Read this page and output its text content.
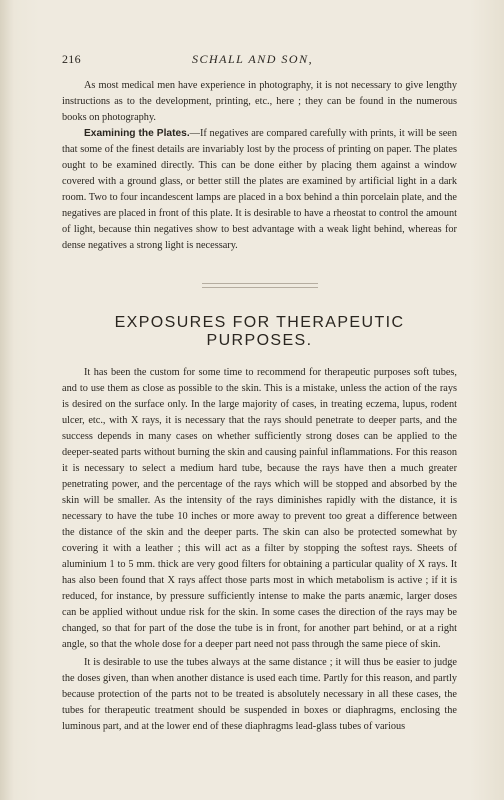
216	SCHALL AND SON,

As most medical men have experience in photography, it is not necessary to give lengthy instructions as to the development, printing, etc., here ; they can be found in the numerous books on photography.

Examining the Plates.—If negatives are compared carefully with prints, it will be seen that some of the finest details are invariably lost by the process of printing on paper. The plates ought to be examined directly. This can be done either by placing them against a window covered with a ground glass, or better still the plates are examined by artificial light in a dark room. Two to four incandescent lamps are placed in a box behind a thin porcelain plate, and the negatives are placed in front of this plate. It is desirable to have a rheostat to control the amount of light, because thin negatives show to best advantage with a weak light behind, whereas for dense negatives a strong light is necessary.

EXPOSURES FOR THERAPEUTIC PURPOSES.

It has been the custom for some time to recommend for therapeutic purposes soft tubes, and to use them as close as possible to the skin. This is a mistake, unless the action of the rays is desired on the surface only. In the large majority of cases, in treating eczema, lupus, rodent ulcer, etc., with X rays, it is necessary that the rays should penetrate to deeper parts, and the success depends in many cases on whether sufficiently strong doses can be applied to the deeper-seated parts without burning the skin and causing painful inflammations. For this reason it is necessary to select a medium hard tube, because the rays have then a much greater penetrating power, and the percentage of the rays which will be stopped and absorbed by the skin will be smaller. As the intensity of the rays diminishes rapidly with the distance, it is necessary to have the tube 10 inches or more away to prevent too great a difference between the distance of the skin and the deeper parts. The skin can also be protected somewhat by covering it with a leather ; this will act as a filter by stopping the softest rays. Sheets of aluminium 1 to 5 mm. thick are very good filters for obtaining a particular quality of X rays. It has also been found that X rays affect those parts most in which metabolism is active ; if it is reduced, for instance, by pressure sufficiently intense to make the parts anæmic, larger doses can be applied without undue risk for the skin. In some cases the direction of the rays may be changed, so that for part of the dose the tube is in front, for another part behind, or at a right angle, so that the whole dose for a deeper part need not pass through the same piece of skin.

It is desirable to use the tubes always at the same distance ; it will thus be easier to judge the doses given, than when another distance is used each time. Partly for this reason, and partly because protection of the parts not to be treated is absolutely necessary in all these cases, the tubes for therapeutic treatment should be suspended in boxes or diaphragms, enclosing the luminous part, and at the lower end of these diaphragms lead-glass tubes of various
